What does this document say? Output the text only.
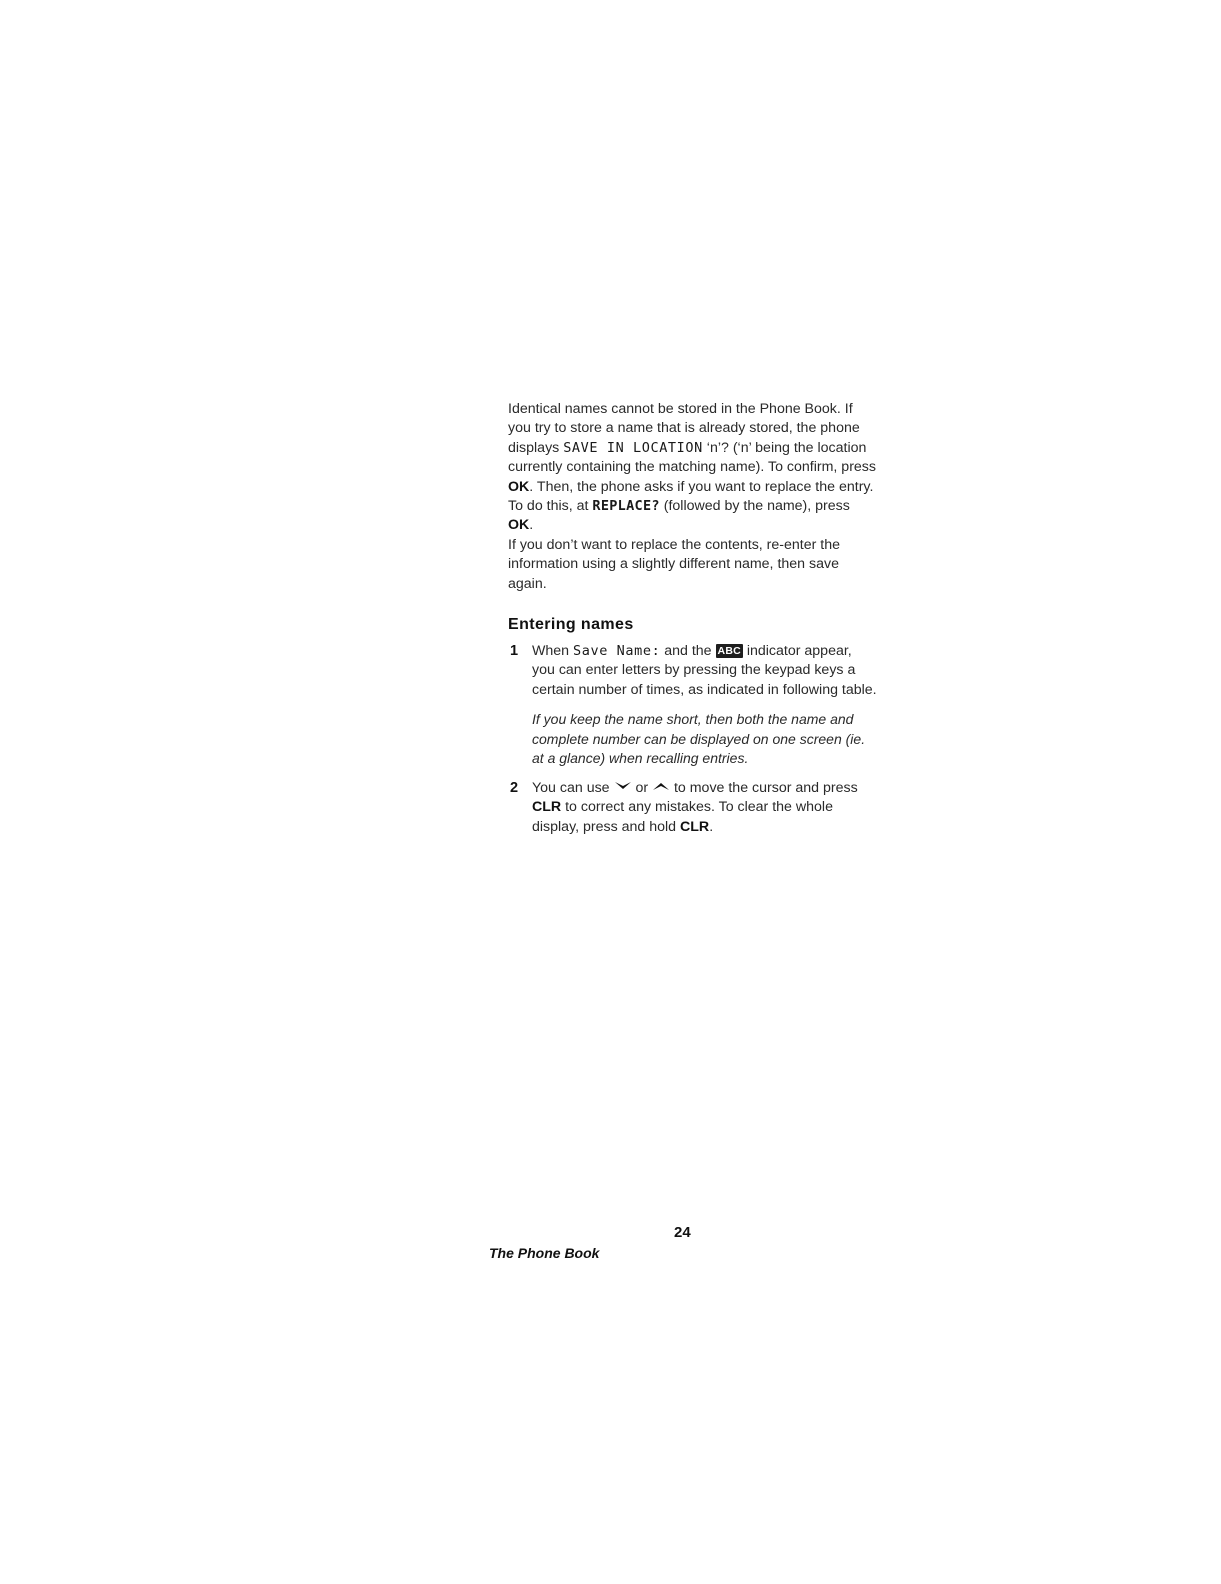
Identical names cannot be stored in the Phone Book. If you try to store a name that is already stored, the phone displays SAVE IN LOCATION ‘n’? (‘n’ being the location currently containing the matching name). To confirm, press OK. Then, the phone asks if you want to replace the entry. To do this, at REPLACE? (followed by the name), press OK.

If you don’t want to replace the contents, re-enter the information using a slightly different name, then save again.

Entering names
1 When Save Name: and the ABC indicator appear, you can enter letters by pressing the keypad keys a certain number of times, as indicated in following table.

If you keep the name short, then both the name and complete number can be displayed on one screen (ie. at a glance) when recalling entries.

2 You can use
or
to move the cursor and press CLR to correct any mistakes. To clear the whole display, press and hold CLR.

24
The Phone Book
